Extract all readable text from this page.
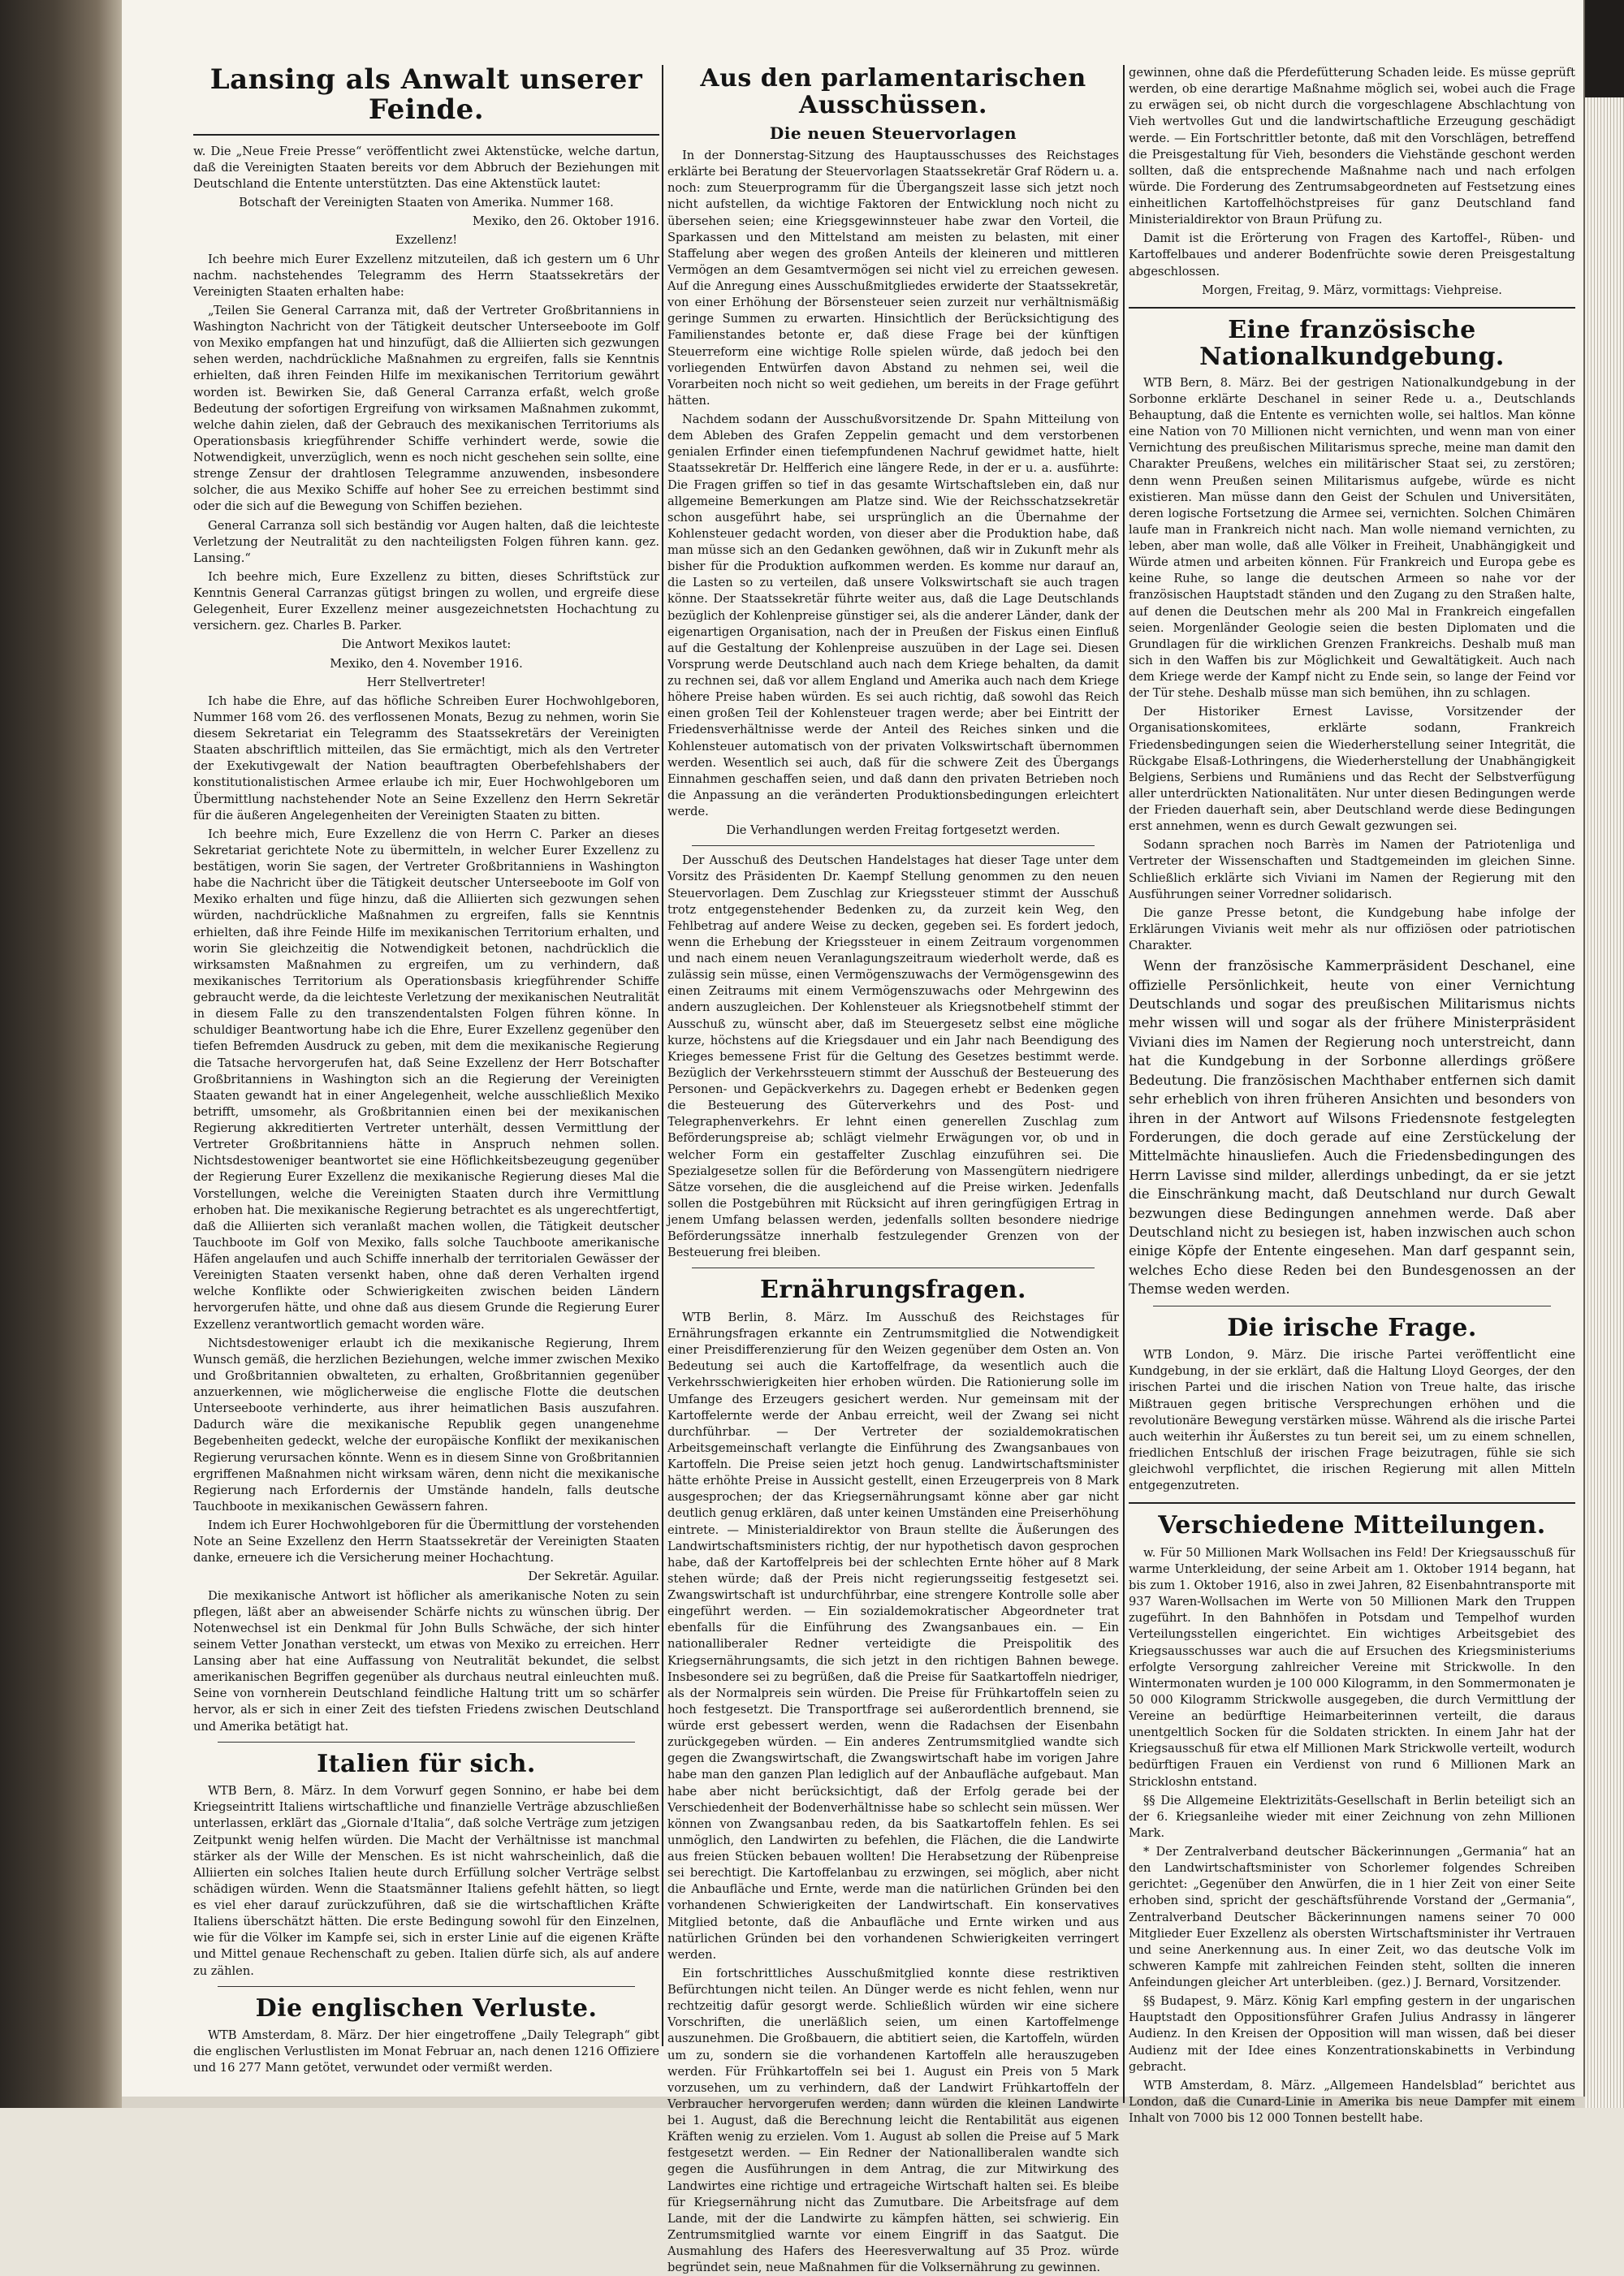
Lansing als Anwalt unserer Feinde.

w. Die „Neue Freie Presse“ veröffentlicht zwei Aktenstücke, welche dartun, daß die Vereinigten Staaten bereits vor dem Abbruch der Beziehungen mit Deutschland die Entente unterstützten. Das eine Aktenstück lautet:

Botschaft der Vereinigten Staaten von Amerika. Nummer 168.

Mexiko, den 26. Oktober 1916.

Exzellenz!

Ich beehre mich Eurer Exzellenz mitzuteilen, daß ich gestern um 6 Uhr nachm. nachstehendes Telegramm des Herrn Staatssekretärs der Vereinigten Staaten erhalten habe:

„Teilen Sie General Carranza mit, daß der Vertreter Großbritanniens in Washington Nachricht von der Tätigkeit deutscher Unterseeboote im Golf von Mexiko empfangen hat und hinzufügt, daß die Alliierten sich gezwungen sehen werden, nachdrückliche Maßnahmen zu ergreifen, falls sie Kenntnis erhielten, daß ihren Feinden Hilfe im mexikanischen Territorium gewährt worden ist. Bewirken Sie, daß General Carranza erfaßt, welch große Bedeutung der sofortigen Ergreifung von wirksamen Maßnahmen zukommt, welche dahin zielen, daß der Gebrauch des mexikanischen Territoriums als Operationsbasis kriegführender Schiffe verhindert werde, sowie die Notwendigkeit, unverzüglich, wenn es noch nicht geschehen sein sollte, eine strenge Zensur der drahtlosen Telegramme anzuwenden, insbesondere solcher, die aus Mexiko Schiffe auf hoher See zu erreichen bestimmt sind oder die sich auf die Bewegung von Schiffen beziehen.

General Carranza soll sich beständig vor Augen halten, daß die leichteste Verletzung der Neutralität zu den nachteiligsten Folgen führen kann. gez. Lansing.“

Ich beehre mich, Eure Exzellenz zu bitten, dieses Schriftstück zur Kenntnis General Carranzas gütigst bringen zu wollen, und ergreife diese Gelegenheit, Eurer Exzellenz meiner ausgezeichnetsten Hochachtung zu versichern. gez. Charles B. Parker.

Die Antwort Mexikos lautet:

Mexiko, den 4. November 1916.

Herr Stellvertreter!

Ich habe die Ehre, auf das höfliche Schreiben Eurer Hochwohlgeboren, Nummer 168 vom 26. des verflossenen Monats, Bezug zu nehmen, worin Sie diesem Sekretariat ein Telegramm des Staatssekretärs der Vereinigten Staaten abschriftlich mitteilen, das Sie ermächtigt, mich als den Vertreter der Exekutivgewalt der Nation beauftragten Oberbefehlshabers der konstitutionalistischen Armee erlaube ich mir, Euer Hochwohlgeboren um Übermittlung nachstehender Note an Seine Exzellenz den Herrn Sekretär für die äußeren Angelegenheiten der Vereinigten Staaten zu bitten.

Ich beehre mich, Eure Exzellenz die von Herrn C. Parker an dieses Sekretariat gerichtete Note zu übermitteln, in welcher Eurer Exzellenz zu bestätigen, worin Sie sagen, der Vertreter Großbritanniens in Washington habe die Nachricht über die Tätigkeit deutscher Unterseeboote im Golf von Mexiko erhalten und füge hinzu, daß die Alliierten sich gezwungen sehen würden, nachdrückliche Maßnahmen zu ergreifen, falls sie Kenntnis erhielten, daß ihre Feinde Hilfe im mexikanischen Territorium erhalten, und worin Sie gleichzeitig die Notwendigkeit betonen, nachdrücklich die wirksamsten Maßnahmen zu ergreifen, um zu verhindern, daß mexikanisches Territorium als Operationsbasis kriegführender Schiffe gebraucht werde, da die leichteste Verletzung der mexikanischen Neutralität in diesem Falle zu den transzendentalsten Folgen führen könne. In schuldiger Beantwortung habe ich die Ehre, Eurer Exzellenz gegenüber den tiefen Befremden Ausdruck zu geben, mit dem die mexikanische Regierung die Tatsache hervorgerufen hat, daß Seine Exzellenz der Herr Botschafter Großbritanniens in Washington sich an die Regierung der Vereinigten Staaten gewandt hat in einer Angelegenheit, welche ausschließlich Mexiko betrifft, umsomehr, als Großbritannien einen bei der mexikanischen Regierung akkreditierten Vertreter unterhält, dessen Vermittlung der Vertreter Großbritanniens hätte in Anspruch nehmen sollen. Nichtsdestoweniger beantwortet sie eine Höflichkeitsbezeugung gegenüber der Regierung Eurer Exzellenz die mexikanische Regierung dieses Mal die Vorstellungen, welche die Vereinigten Staaten durch ihre Vermittlung erhoben hat. Die mexikanische Regierung betrachtet es als ungerechtfertigt, daß die Alliierten sich veranlaßt machen wollen, die Tätigkeit deutscher Tauchboote im Golf von Mexiko, falls solche Tauchboote amerikanische Häfen angelaufen und auch Schiffe innerhalb der territorialen Gewässer der Vereinigten Staaten versenkt haben, ohne daß deren Verhalten irgend welche Konflikte oder Schwierigkeiten zwischen beiden Ländern hervorgerufen hätte, und ohne daß aus diesem Grunde die Regierung Eurer Exzellenz verantwortlich gemacht worden wäre.

Nichtsdestoweniger erlaubt ich die mexikanische Regierung, Ihrem Wunsch gemäß, die herzlichen Beziehungen, welche immer zwischen Mexiko und Großbritannien obwalteten, zu erhalten, Großbritannien gegenüber anzuerkennen, wie möglicherweise die englische Flotte die deutschen Unterseeboote verhinderte, aus ihrer heimatlichen Basis auszufahren. Dadurch wäre die mexikanische Republik gegen unangenehme Begebenheiten gedeckt, welche der europäische Konflikt der mexikanischen Regierung verursachen könnte. Wenn es in diesem Sinne von Großbritannien ergriffenen Maßnahmen nicht wirksam wären, denn nicht die mexikanische Regierung nach Erfordernis der Umstände handeln, falls deutsche Tauchboote in mexikanischen Gewässern fahren.

Indem ich Eurer Hochwohlgeboren für die Übermittlung der vorstehenden Note an Seine Exzellenz den Herrn Staatssekretär der Vereinigten Staaten danke, erneuere ich die Versicherung meiner Hochachtung.

Der Sekretär. Aguilar.

Die mexikanische Antwort ist höflicher als amerikanische Noten zu sein pflegen, läßt aber an abweisender Schärfe nichts zu wünschen übrig. Der Notenwechsel ist ein Denkmal für John Bulls Schwäche, der sich hinter seinem Vetter Jonathan versteckt, um etwas von Mexiko zu erreichen. Herr Lansing aber hat eine Auffassung von Neutralität bekundet, die selbst amerikanischen Begriffen gegenüber als durchaus neutral einleuchten muß. Seine von vornherein Deutschland feindliche Haltung tritt um so schärfer hervor, als er sich in einer Zeit des tiefsten Friedens zwischen Deutschland und Amerika betätigt hat.

Italien für sich.

WTB Bern, 8. März. In dem Vorwurf gegen Sonnino, er habe bei dem Kriegseintritt Italiens wirtschaftliche und finanzielle Verträge abzuschließen unterlassen, erklärt das „Giornale d'Italia“, daß solche Verträge zum jetzigen Zeitpunkt wenig helfen würden. Die Macht der Verhältnisse ist manchmal stärker als der Wille der Menschen. Es ist nicht wahrscheinlich, daß die Alliierten ein solches Italien heute durch Erfüllung solcher Verträge selbst schädigen würden. Wenn die Staatsmänner Italiens gefehlt hätten, so liegt es viel eher darauf zurückzuführen, daß sie die wirtschaftlichen Kräfte Italiens überschätzt hätten. Die erste Bedingung sowohl für den Einzelnen, wie für die Völker im Kampfe sei, sich in erster Linie auf die eigenen Kräfte und Mittel genaue Rechenschaft zu geben. Italien dürfe sich, als auf andere zu zählen.

Die englischen Verluste.

WTB Amsterdam, 8. März. Der hier eingetroffene „Daily Telegraph“ gibt die englischen Verlustlisten im Monat Februar an, nach denen 1216 Offiziere und 16 277 Mann getötet, verwundet oder vermißt werden.

Aus den parlamentarischen Ausschüssen.
Die neuen Steuervorlagen

In der Donnerstag-Sitzung des Hauptausschusses des Reichstages erklärte bei Beratung der Steuervorlagen Staatssekretär Graf Rödern u. a. noch: zum Steuerprogramm für die Übergangszeit lasse sich jetzt noch nicht aufstellen, da wichtige Faktoren der Entwicklung noch nicht zu übersehen seien; eine Kriegsgewinnsteuer habe zwar den Vorteil, die Sparkassen und den Mittelstand am meisten zu belasten, mit einer Staffelung aber wegen des großen Anteils der kleineren und mittleren Vermögen an dem Gesamtvermögen sei nicht viel zu erreichen gewesen. Auf die Anregung eines Ausschußmitgliedes erwiderte der Staatssekretär, von einer Erhöhung der Börsensteuer seien zurzeit nur verhältnismäßig geringe Summen zu erwarten. Hinsichtlich der Berücksichtigung des Familienstandes betonte er, daß diese Frage bei der künftigen Steuerreform eine wichtige Rolle spielen würde, daß jedoch bei den vorliegenden Entwürfen davon Abstand zu nehmen sei, weil die Vorarbeiten noch nicht so weit gediehen, um bereits in der Frage geführt hätten.

Nachdem sodann der Ausschußvorsitzende Dr. Spahn Mitteilung von dem Ableben des Grafen Zeppelin gemacht und dem verstorbenen genialen Erfinder einen tiefempfundenen Nachruf gewidmet hatte, hielt Staatssekretär Dr. Helfferich eine längere Rede, in der er u. a. ausführte: Die Fragen griffen so tief in das gesamte Wirtschaftsleben ein, daß nur allgemeine Bemerkungen am Platze sind. Wie der Reichsschatzsekretär schon ausgeführt habe, sei ursprünglich an die Übernahme der Kohlensteuer gedacht worden, von dieser aber die Produktion habe, daß man müsse sich an den Gedanken gewöhnen, daß wir in Zukunft mehr als bisher für die Produktion aufkommen werden. Es komme nur darauf an, die Lasten so zu verteilen, daß unsere Volkswirtschaft sie auch tragen könne. Der Staatssekretär führte weiter aus, daß die Lage Deutschlands bezüglich der Kohlenpreise günstiger sei, als die anderer Länder, dank der eigenartigen Organisation, nach der in Preußen der Fiskus einen Einfluß auf die Gestaltung der Kohlenpreise auszuüben in der Lage sei. Diesen Vorsprung werde Deutschland auch nach dem Kriege behalten, da damit zu rechnen sei, daß vor allem England und Amerika auch nach dem Kriege höhere Preise haben würden. Es sei auch richtig, daß sowohl das Reich einen großen Teil der Kohlensteuer tragen werde; aber bei Eintritt der Friedensverhältnisse werde der Anteil des Reiches sinken und die Kohlensteuer automatisch von der privaten Volkswirtschaft übernommen werden. Wesentlich sei auch, daß für die schwere Zeit des Übergangs Einnahmen geschaffen seien, und daß dann den privaten Betrieben noch die Anpassung an die veränderten Produktionsbedingungen erleichtert werde.

Die Verhandlungen werden Freitag fortgesetzt werden.

Der Ausschuß des Deutschen Handelstages hat dieser Tage unter dem Vorsitz des Präsidenten Dr. Kaempf Stellung genommen zu den neuen Steuervorlagen. Dem Zuschlag zur Kriegssteuer stimmt der Ausschuß trotz entgegenstehender Bedenken zu, da zurzeit kein Weg, den Fehlbetrag auf andere Weise zu decken, gegeben sei. Es fordert jedoch, wenn die Erhebung der Kriegssteuer in einem Zeitraum vorgenommen und nach einem neuen Veranlagungszeitraum wiederholt werde, daß es zulässig sein müsse, einen Vermögenszuwachs der Vermögensgewinn des einen Zeitraums mit einem Vermögenszuwachs oder Mehrgewinn des andern auszugleichen. Der Kohlensteuer als Kriegsnotbehelf stimmt der Ausschuß zu, wünscht aber, daß im Steuergesetz selbst eine mögliche kurze, höchstens auf die Kriegsdauer und ein Jahr nach Beendigung des Krieges bemessene Frist für die Geltung des Gesetzes bestimmt werde. Bezüglich der Verkehrssteuern stimmt der Ausschuß der Besteuerung des Personen- und Gepäckverkehrs zu. Dagegen erhebt er Bedenken gegen die Besteuerung des Güterverkehrs und des Post- und Telegraphenverkehrs. Er lehnt einen generellen Zuschlag zum Beförderungspreise ab; schlägt vielmehr Erwägungen vor, ob und in welcher Form ein gestaffelter Zuschlag einzuführen sei. Die Spezialgesetze sollen für die Beförderung von Massengütern niedrigere Sätze vorsehen, die die ausgleichend auf die Preise wirken. Jedenfalls sollen die Postgebühren mit Rücksicht auf ihren geringfügigen Ertrag in jenem Umfang belassen werden, jedenfalls sollten besondere niedrige Beförderungssätze innerhalb festzulegender Grenzen von der Besteuerung frei bleiben.

Ernährungsfragen.

WTB Berlin, 8. März. Im Ausschuß des Reichstages für Ernährungsfragen erkannte ein Zentrumsmitglied die Notwendigkeit einer Preisdifferenzierung für den Weizen gegenüber dem Osten an. Von Bedeutung sei auch die Kartoffelfrage, da wesentlich auch die Verkehrsschwierigkeiten hier erhoben würden. Die Rationierung solle im Umfange des Erzeugers gesichert werden. Nur gemeinsam mit der Kartoffelernte werde der Anbau erreicht, weil der Zwang sei nicht durchführbar. — Der Vertreter der sozialdemokratischen Arbeitsgemeinschaft verlangte die Einführung des Zwangsanbaues von Kartoffeln. Die Preise seien jetzt hoch genug. Landwirtschaftsminister hätte erhöhte Preise in Aussicht gestellt, einen Erzeugerpreis von 8 Mark ausgesprochen; der das Kriegsernährungsamt könne aber gar nicht deutlich genug erklären, daß unter keinen Umständen eine Preiserhöhung eintrete. — Ministerialdirektor von Braun stellte die Äußerungen des Landwirtschaftsministers richtig, der nur hypothetisch davon gesprochen habe, daß der Kartoffelpreis bei der schlechten Ernte höher auf 8 Mark stehen würde; daß der Preis nicht regierungsseitig festgesetzt sei. Zwangswirtschaft ist undurchführbar, eine strengere Kontrolle solle aber eingeführt werden. — Ein sozialdemokratischer Abgeordneter trat ebenfalls für die Einführung des Zwangsanbaues ein. — Ein nationalliberaler Redner verteidigte die Preispolitik des Kriegsernährungsamts, die sich jetzt in den richtigen Bahnen bewege. Insbesondere sei zu begrüßen, daß die Preise für Saatkartoffeln niedriger, als der Normalpreis sein würden. Die Preise für Frühkartoffeln seien zu hoch festgesetzt. Die Transportfrage sei außerordentlich brennend, sie würde erst gebessert werden, wenn die Radachsen der Eisenbahn zurückgegeben würden. — Ein anderes Zentrumsmitglied wandte sich gegen die Zwangswirtschaft, die Zwangswirtschaft habe im vorigen Jahre habe man den ganzen Plan lediglich auf der Anbaufläche aufgebaut. Man habe aber nicht berücksichtigt, daß der Erfolg gerade bei der Verschiedenheit der Bodenverhältnisse habe so schlecht sein müssen. Wer können von Zwangsanbau reden, da bis Saatkartoffeln fehlen. Es sei unmöglich, den Landwirten zu befehlen, die Flächen, die die Landwirte aus freien Stücken bebauen wollten! Die Herabsetzung der Rübenpreise sei berechtigt. Die Kartoffelanbau zu erzwingen, sei möglich, aber nicht die Anbaufläche und Ernte, werde man die natürlichen Gründen bei den vorhandenen Schwierigkeiten der Landwirtschaft. Ein konservatives Mitglied betonte, daß die Anbaufläche und Ernte wirken und aus natürlichen Gründen bei den vorhandenen Schwierigkeiten verringert werden.

Ein fortschrittliches Ausschußmitglied konnte diese restriktiven Befürchtungen nicht teilen. An Dünger werde es nicht fehlen, wenn nur rechtzeitig dafür gesorgt werde. Schließlich würden wir eine sichere Vorschriften, die unerläßlich seien, um einen Kartoffelmenge auszunehmen. Die Großbauern, die abtitiert seien, die Kartoffeln, würden um zu, sondern sie die vorhandenen Kartoffeln alle herauszugeben werden. Für Frühkartoffeln sei bei 1. August ein Preis von 5 Mark vorzusehen, um zu verhindern, daß der Landwirt Frühkartoffeln der Verbraucher hervorgerufen werden; dann würden die kleinen Landwirte bei 1. August, daß die Berechnung leicht die Rentabilität aus eigenen Kräften wenig zu erzielen. Vom 1. August ab sollen die Preise auf 5 Mark festgesetzt werden. — Ein Redner der Nationalliberalen wandte sich gegen die Ausführungen in dem Antrag, die zur Mitwirkung des Landwirtes eine richtige und ertrageiche Wirtschaft halten sei. Es bleibe für Kriegsernährung nicht das Zumutbare. Die Arbeitsfrage auf dem Lande, mit der die Landwirte zu kämpfen hätten, sei schwierig. Ein Zentrumsmitglied warnte vor einem Eingriff in das Saatgut. Die Ausmahlung des Hafers des Heeresverwaltung auf 35 Proz. würde begründet sein, neue Maßnahmen für die Volksernährung zu gewinnen.

gewinnen, ohne daß die Pferdefütterung Schaden leide. Es müsse geprüft werden, ob eine derartige Maßnahme möglich sei, wobei auch die Frage zu erwägen sei, ob nicht durch die vorgeschlagene Abschlachtung von Vieh wertvolles Gut und die landwirtschaftliche Erzeugung geschädigt werde. — Ein Fortschrittler betonte, daß mit den Vorschlägen, betreffend die Preisgestaltung für Vieh, besonders die Viehstände geschont werden sollten, daß die entsprechende Maßnahme nach und nach erfolgen würde. Die Forderung des Zentrumsabgeordneten auf Festsetzung eines einheitlichen Kartoffelhöchstpreises für ganz Deutschland fand Ministerialdirektor von Braun Prüfung zu.

Damit ist die Erörterung von Fragen des Kartoffel-, Rüben- und Kartoffelbaues und anderer Bodenfrüchte sowie deren Preisgestaltung abgeschlossen.

Morgen, Freitag, 9. März, vormittags: Viehpreise.

Eine französische Nationalkundgebung.

WTB Bern, 8. März. Bei der gestrigen Nationalkundgebung in der Sorbonne erklärte Deschanel in seiner Rede u. a., Deutschlands Behauptung, daß die Entente es vernichten wolle, sei haltlos. Man könne eine Nation von 70 Millionen nicht vernichten, und wenn man von einer Vernichtung des preußischen Militarismus spreche, meine man damit den Charakter Preußens, welches ein militärischer Staat sei, zu zerstören; denn wenn Preußen seinen Militarismus aufgebe, würde es nicht existieren. Man müsse dann den Geist der Schulen und Universitäten, deren logische Fortsetzung die Armee sei, vernichten. Solchen Chimären laufe man in Frankreich nicht nach. Man wolle niemand vernichten, zu leben, aber man wolle, daß alle Völker in Freiheit, Unabhängigkeit und Würde atmen und arbeiten können. Für Frankreich und Europa gebe es keine Ruhe, so lange die deutschen Armeen so nahe vor der französischen Hauptstadt ständen und den Zugang zu den Straßen halte, auf denen die Deutschen mehr als 200 Mal in Frankreich eingefallen seien. Morgenländer Geologie seien die besten Diplomaten und die Grundlagen für die wirklichen Grenzen Frankreichs. Deshalb muß man sich in den Waffen bis zur Möglichkeit und Gewaltätigkeit. Auch nach dem Kriege werde der Kampf nicht zu Ende sein, so lange der Feind vor der Tür stehe. Deshalb müsse man sich bemühen, ihn zu schlagen.

Der Historiker Ernest Lavisse, Vorsitzender der Organisationskomitees, erklärte sodann, Frankreich Friedensbedingungen seien die Wiederherstellung seiner Integrität, die Rückgabe Elsaß-Lothringens, die Wiederherstellung der Unabhängigkeit Belgiens, Serbiens und Rumäniens und das Recht der Selbstverfügung aller unterdrückten Nationalitäten. Nur unter diesen Bedingungen werde der Frieden dauerhaft sein, aber Deutschland werde diese Bedingungen erst annehmen, wenn es durch Gewalt gezwungen sei.

Sodann sprachen noch Barrès im Namen der Patriotenliga und Vertreter der Wissenschaften und Stadtgemeinden im gleichen Sinne. Schließlich erklärte sich Viviani im Namen der Regierung mit den Ausführungen seiner Vorredner solidarisch.

Die ganze Presse betont, die Kundgebung habe infolge der Erklärungen Vivianis weit mehr als nur offiziösen oder patriotischen Charakter.

Wenn der französische Kammerpräsident Deschanel, eine offizielle Persönlichkeit, heute von einer Vernichtung Deutschlands und sogar des preußischen Militarismus nichts mehr wissen will und sogar als der frühere Ministerpräsident Viviani dies im Namen der Regierung noch unterstreicht, dann hat die Kundgebung in der Sorbonne allerdings größere Bedeutung. Die französischen Machthaber entfernen sich damit sehr erheblich von ihren früheren Ansichten und besonders von ihren in der Antwort auf Wilsons Friedensnote festgelegten Forderungen, die doch gerade auf eine Zerstückelung der Mittelmächte hinausliefen. Auch die Friedensbedingungen des Herrn Lavisse sind milder, allerdings unbedingt, da er sie jetzt die Einschränkung macht, daß Deutschland nur durch Gewalt bezwungen diese Bedingungen annehmen werde. Daß aber Deutschland nicht zu besiegen ist, haben inzwischen auch schon einige Köpfe der Entente eingesehen. Man darf gespannt sein, welches Echo diese Reden bei den Bundesgenossen an der Themse weden werden.

Die irische Frage.

WTB London, 9. März. Die irische Partei veröffentlicht eine Kundgebung, in der sie erklärt, daß die Haltung Lloyd Georges, der den irischen Partei und die irischen Nation von Treue halte, das irische Mißtrauen gegen britische Versprechungen erhöhen und die revolutionäre Bewegung verstärken müsse. Während als die irische Partei auch weiterhin ihr Äußerstes zu tun bereit sei, um zu einem schnellen, friedlichen Entschluß der irischen Frage beizutragen, fühle sie sich gleichwohl verpflichtet, die irischen Regierung mit allen Mitteln entgegenzutreten.

Verschiedene Mitteilungen.

w. Für 50 Millionen Mark Wollsachen ins Feld! Der Kriegsausschuß für warme Unterkleidung, der seine Arbeit am 1. Oktober 1914 begann, hat bis zum 1. Oktober 1916, also in zwei Jahren, 82 Eisenbahntransporte mit 937 Waren-Wollsachen im Werte von 50 Millionen Mark den Truppen zugeführt. In den Bahnhöfen in Potsdam und Tempelhof wurden Verteilungsstellen eingerichtet. Ein wichtiges Arbeitsgebiet des Kriegsausschusses war auch die auf Ersuchen des Kriegsministeriums erfolgte Versorgung zahlreicher Vereine mit Strickwolle. In den Wintermonaten wurden je 100 000 Kilogramm, in den Sommermonaten je 50 000 Kilogramm Strickwolle ausgegeben, die durch Vermittlung der Vereine an bedürftige Heimarbeiterinnen verteilt, die daraus unentgeltlich Socken für die Soldaten strickten. In einem Jahr hat der Kriegsausschuß für etwa elf Millionen Mark Strickwolle verteilt, wodurch bedürftigen Frauen ein Verdienst von rund 6 Millionen Mark an Strickloshn entstand.

§§ Die Allgemeine Elektrizitäts-Gesellschaft in Berlin beteiligt sich an der 6. Kriegsanleihe wieder mit einer Zeichnung von zehn Millionen Mark.

* Der Zentralverband deutscher Bäckerinnungen „Germania“ hat an den Landwirtschaftsminister von Schorlemer folgendes Schreiben gerichtet: „Gegenüber den Anwürfen, die in 1 hier Zeit von einer Seite erhoben sind, spricht der geschäftsführende Vorstand der „Germania“, Zentralverband Deutscher Bäckerinnungen namens seiner 70 000 Mitglieder Euer Exzellenz als obersten Wirtschaftsminister ihr Vertrauen und seine Anerkennung aus. In einer Zeit, wo das deutsche Volk im schweren Kampfe mit zahlreichen Feinden steht, sollten die inneren Anfeindungen gleicher Art unterbleiben. (gez.) J. Bernard, Vorsitzender.

§§ Budapest, 9. März. König Karl empfing gestern in der ungarischen Hauptstadt den Oppositionsführer Grafen Julius Andrassy in längerer Audienz. In den Kreisen der Opposition will man wissen, daß bei dieser Audienz mit der Idee eines Konzentrationskabinetts in Verbindung gebracht.

WTB Amsterdam, 8. März. „Allgemeen Handelsblad“ berichtet aus London, daß die Cunard-Linie in Amerika bis neue Dampfer mit einem Inhalt von 7000 bis 12 000 Tonnen bestellt habe.
